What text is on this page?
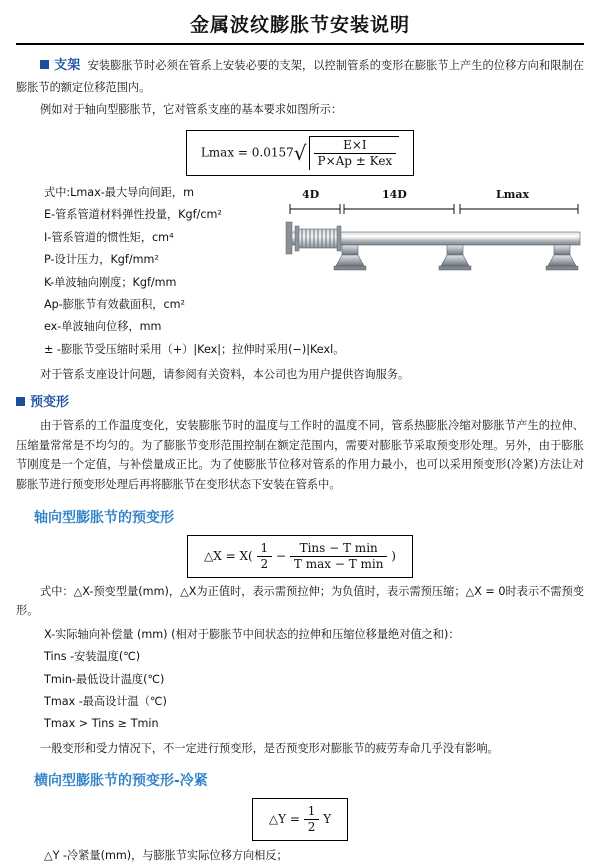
金属波纹膨胀节安装说明
支架 安装膨胀节时必须在管系上安装必要的支架，以控制管系的变形在膨胀节上产生的位移方向和限制在膨胀节的额定位移范围内。
例如对于轴向型膨胀节，它对管系支座的基本要求如图所示：
$Lmax = 0.0157√ \frac{E\times I}{\text{P×Ap ± Kex}}$
式中:Lmax-最大导向间距，m
E-管系管道材料弹性投量，Kgf/cm²
I-管系管道的惯性矩，cm⁴
P-设计压力，Kgf/mm²
K-单波轴向刚度；Kgf/mm
Ap-膨胀节有效截面积，cm²
ex-单波轴向位移，mm
± -膨胀节受压缩时采用（+）|Kex|；拉伸时采用(−)|Kexl。
4D	14D	Lmax
对于管系支座设计问题，请参阅有关资料，本公司也为用户提供咨询服务。
预变形
由于管系的工作温度变化，安装膨胀节时的温度与工作时的温度不同，管系热膨胀冷缩对膨胀节产生的拉伸、压缩量常常是不均匀的。为了膨胀节变形范围控制在额定范围内，需要对膨胀节采取预变形处理。另外，由于膨胀节刚度是一个定值，与补偿量成正比。为了使膨胀节位移对管系的作用力最小，也可以采用预变形(冷紧)方法让对膨胀节进行预变形处理后再将膨胀节在变形状态下安装在管系中。
轴向型膨胀节的预变形
△X = $X( \frac{1}{2} - \frac{\text{Tins − T min}}{\text{T max − T min}}$ )
式中：△X-预变型量(mm)，△X为正值时，表示需预拉伸；为负值时，表示需预压缩；△X = 0时表示不需预变形。
X-实际轴向补偿量 (mm) (相对于膨胀节中间状态的拉伸和压缩位移量绝对值之和)：
Tins -安装温度(℃)
Tmin-最低设计温度(℃)
Tmax -最高设计温（℃)
Tmax > Tins ≥ Tmin
一般变形和受力情况下，不一定进行预变形，是否预变形对膨胀节的疲劳寿命几乎没有影响。
横向型膨胀节的预变形-冷紧
△Y = $\frac{1}{2}$ Y
△Y -冷紧量(mm)，与膨胀节实际位移方向相反；
